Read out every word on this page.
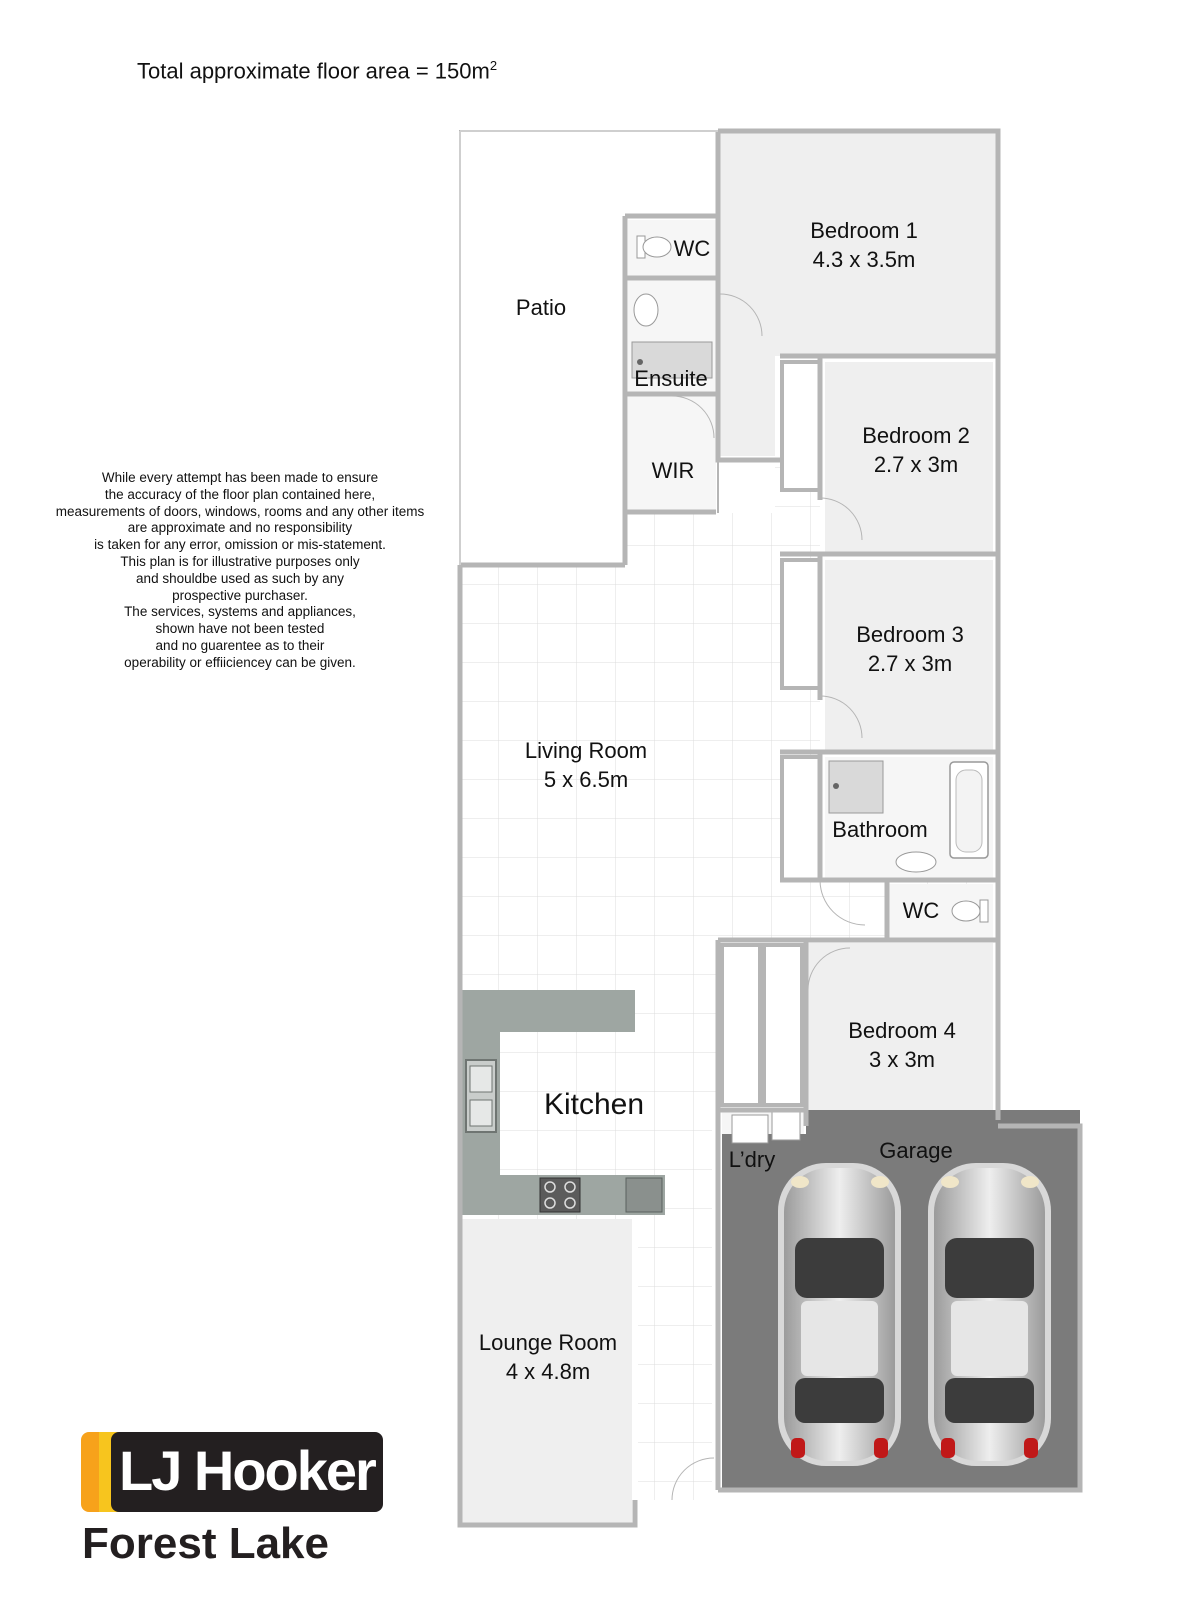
Total approximate floor area = $150m^2$
While every attempt has been made to ensure
the accuracy of the floor plan contained here,
measurements of doors, windows, rooms and any other items
are approximate and no responsibility
is taken for any error, omission or mis-statement.
This plan is for illustrative purposes only
and shouldbe used as such by any
prospective purchaser.
The services, systems and appliances,
shown have not been tested
and no guarentee as to their
operability or effiiciencey can be given.
Patio
Bedroom 1
4.3 x 3.5m
Bedroom 2
2.7 x 3m
Bedroom 3
2.7 x 3m
Living Room
5 x 6.5m
Bathroom
WC
Bedroom 4
3 x 3m
Kitchen
L’dry	Garage
Lounge Room
4 x 4.8m
WC
Ensuite
WIR
LJ Hooker
Forest Lake
